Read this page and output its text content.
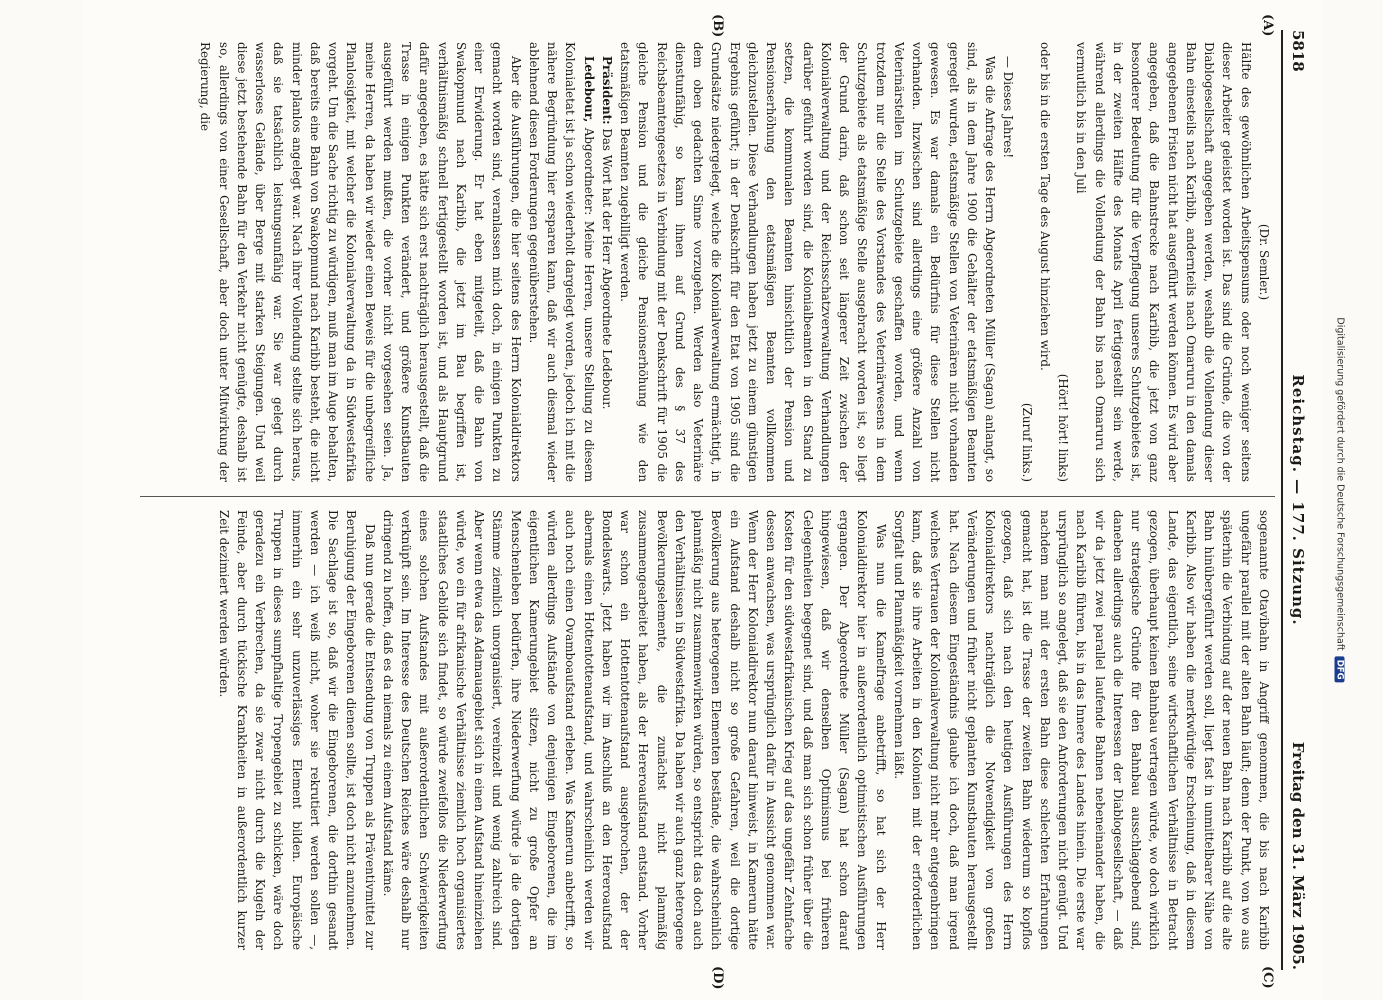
5818
Reichstag. — 177. Sitzung.
Freitag den 31. März 1905.
(A)
(B)
(C)
(D)

(Dr. Semler.)

Hälfte des gewöhnlichen Arbeitspensums oder noch weniger seitens dieser Arbeiter geleistet worden ist. Das sind die Gründe, die von der Diablogesellschaft angegeben werden, weshalb die Vollendung dieser Bahn einesteils nach Karibib, andernteils nach Omaruru in den damals angegebenen Fristen nicht hat ausgeführt werden können. Es wird aber angegeben, daß die Bahnstrecke nach Karibib, die jetzt von ganz besonderer Bedeutung für die Verpflegung unseres Schutzgebietes ist, in der zweiten Hälfte des Monats April fertiggestellt sein werde, während allerdings die Vollendung der Bahn bis nach Omaruru sich vermutlich bis in den Juli

(Hört! hört! links)

oder bis in die ersten Tage des August hinziehen wird.

(Zuruf links.)

— Dieses Jahres!

Was die Anfrage des Herrn Abgeordneten Müller (Sagan) anlangt, so sind, als in dem Jahre 1900 die Gehälter der etatsmäßigen Beamten geregelt wurden, etatsmäßige Stellen von Veterinären nicht vorhanden gewesen. Es war damals ein Bedürfnis für diese Stellen nicht vorhanden. Inzwischen sind allerdings eine größere Anzahl von Veterinärstellen im Schutzgebiete geschaffen worden, und wenn trotzdem nur die Stelle des Vorstandes des Veterinärwesens in dem Schutzgebiete als etatsmäßige Stelle ausgebracht worden ist, so liegt der Grund darin, daß schon seit längerer Zeit zwischen der Kolonialverwaltung und der Reichsschatzverwaltung Verhandlungen darüber geführt worden sind, die Kolonialbeamten in den Stand zu setzen, die kommunalen Beamten hinsichtlich der Pension und Pensionserhöhung den etatsmäßigen Beamten vollkommen gleichzustellen. Diese Verhandlungen haben jetzt zu einem günstigen Ergebnis geführt; in der Denkschrift für den Etat von 1905 sind die Grundsätze niedergelegt, welche die Kolonialverwaltung ermächtigt, in dem oben gedachten Sinne vorzugehen. Werden also Veterinäre dienstunfähig, so kann ihnen auf Grund des § 37 des Reichsbeamtengesetzes in Verbindung mit der Denkschrift für 1905 die gleiche Pension und die gleiche Pensionserhöhung wie den etatsmäßigen Beamten zugebilligt werden.

Präsident: Das Wort hat der Herr Abgeordnete Ledebour.

Ledebour, Abgeordneter: Meine Herren, unsere Stellung zu diesem Kolonialetat ist ja schon wiederholt dargelegt worden, jedoch ich mit die nähere Begründung hier ersparen kann, daß wir auch diesmal wieder ablehnend diesen Forderungen gegenüberstehen.

Aber die Ausführungen, die hier seitens des Herrn Kolonialdirektors gemacht worden sind, veranlassen mich doch, in einigen Punkten zu einer Erwiderung. Er hat eben mitgeteilt, daß die Bahn von Swakopmund nach Karibib, die jetzt im Bau begriffen ist, verhältnismäßig schnell fertiggestellt worden ist, und als Hauptgrund dafür angegeben, es hätte sich erst nachträglich herausgestellt, daß die Trasse in einigen Punkten verändert, und größere Kunstbauten ausgeführt werden mußten, die vorher nicht vorgesehen seien. Ja, meine Herren, da haben wir wieder einen Beweis für die unbegreifliche Planlosigkeit, mit welcher die Kolonialverwaltung da in Südwestafrika vorgeht. Um die Sache richtig zu würdigen, muß man im Auge behalten, daß bereits eine Bahn von Swakopmund nach Karibib besteht, die nicht minder planlos angelegt war. Nach ihrer Vollendung stellte sich heraus, daß sie tatsächlich leistungsunfähig war. Sie war gelegt durch wasserloses Gelände, über Berge mit starken Steigungen. Und weil diese jetzt bestehende Bahn für den Verkehr nicht genügte, deshalb ist so, allerdings von einer Gesellschaft, aber doch unter Mitwirkung der Regierung, die

sogenannte Otavibahn in Angriff genommen, die bis nach Karibib ungefähr parallel mit der alten Bahn läuft; denn der Punkt, von wo aus späterhin die Verbindung auf der neuen Bahn nach Karibib auf die alte Bahn hinübergeführt werden soll, liegt fast in unmittelbarer Nähe von Karibib. Also wir haben die merkwürdige Erscheinung, daß in diesem Lande, das eigentlich, seine wirtschaftlichen Verhältnisse in Betracht gezogen, überhaupt keinen Bahnbau vertragen würde, wo doch wirklich nur strategische Gründe für den Bahnbau ausschlaggebend sind, daneben allerdings auch die Interessen der Diablogesellschaft, — daß wir da jetzt zwei parallel laufende Bahnen nebeneinander haben, die nach Karibib führen, bis in das Innere des Landes hinein. Die erste war ursprünglich so angelegt, daß sie den Anforderungen nicht genügt. Und nachdem man mit der ersten Bahn diese schlechten Erfahrungen gemacht hat, ist die Trasse der zweiten Bahn wiederum so kopflos gezogen, daß sich nach den heutigen Ausführungen des Herrn Kolonialdirektors nachträglich die Notwendigkeit von großen Veränderungen und früher nicht geplanten Kunstbauten herausgestellt hat. Nach diesem Eingeständnis glaube ich doch, daß man irgend welches Vertrauen der Kolonialverwaltung nicht mehr entgegenbringen kann, daß sie ihre Arbeiten in den Kolonien mit der erforderlichen Sorgfalt und Planmäßigkeit vornehmen läßt.

Was nun die Kamelfrage anbetrifft, so hat sich der Herr Kolonialdirektor hier in außerordentlich optimistischen Ausführungen ergangen. Der Abgeordnete Müller (Sagan) hat schon darauf hingewiesen, daß wir denselben Optimismus bei früheren Gelegenheiten begegnet sind, und daß man sich schon früher über die Kosten für den südwestafrikanischen Krieg auf das ungefähr Zehnfache dessen anwachsen, was ursprünglich dafür in Aussicht genommen war. Wenn der Herr Kolonialdirektor nun darauf hinweist, in Kamerun hätte ein Aufstand deshalb nicht so große Gefahren, weil die dortige Bevölkerung aus heterogenen Elementen bestände, die wahrscheinlich planmäßig nicht zusammenwirken würden, so entspricht das doch auch den Verhältnissen in Südwestafrika. Da haben wir auch ganz heterogene Bevölkerungselemente, die zunächst nicht planmäßig zusammengearbeitet haben, als der Hereroaufstand entstand. Vorher war schon ein Hottentottenaufstand ausgebrochen, der der Bondelswarts. Jetzt haben wir im Anschluß an den Hereroaufstand abermals einen Hottentottenaufstand, und wahrscheinlich werden wir auch noch einen Ovamboaufstand erleben. Was Kamerun anbetrifft, so würden allerdings Aufstände von denjenigen Eingeborenen, die im eigentlichen Kamerungebiet sitzen, nicht zu große Opfer an Menschenleben bedürfen, ihre Niederwerfung würde ja die dortigen Stämme ziemlich unorganisiert, vereinzelt und wenig zahlreich sind. Aber wenn etwa das Adamauagebiet sich in einen Aufstand hineinziehen würde, wo ein für afrikanische Verhältnisse ziemlich hoch organisiertes staatliches Gebilde sich findet, so würde zweifellos die Niederwerfung eines solchen Aufstandes mit außerordentlichen Schwierigkeiten verknüpft sein. Im Interesse des Deutschen Reiches wäre deshalb nur dringend zu hoffen, daß es da niemals zu einem Aufstand käme.

Daß nun gerade die Entsendung von Truppen als Präventivmittel zur Beruhigung der Eingeborenen dienen sollte, ist doch nicht anzunehmen. Die Sachlage ist so, daß wir die Eingeborenen, die dorthin gesandt werden — ich weiß nicht, woher sie rekrutiert werden sollen —, immerhin ein sehr unzuverlässiges Element bilden. Europäische Truppen in dieses sumpfhaltige Tropengebiet zu schicken, wäre doch geradezu ein Verbrechen, da sie zwar nicht durch die Kugeln der Feinde, aber durch tückische Krankheiten in außerordentlich kurzer Zeit dezimiert werden würden.	Digitalisierung gefördert durch die Deutsche ForschungsgemeinschaftDFG
